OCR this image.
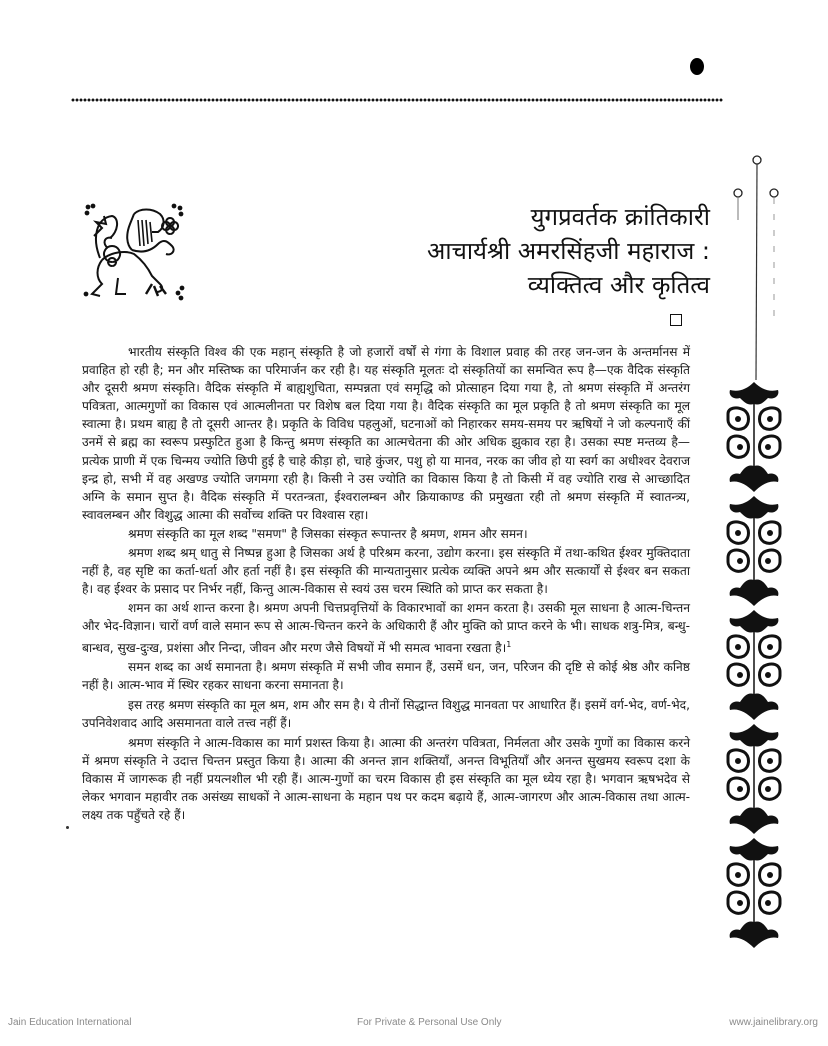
युगप्रवर्तक क्रांतिकारी
आचार्यश्री अमरसिंहजी महाराज :
व्यक्तित्व और कृतित्व

भारतीय संस्कृति विश्व की एक महान् संस्कृति है जो हजारों वर्षों से गंगा के विशाल प्रवाह की तरह जन-जन के अन्तर्मानस में प्रवाहित हो रही है; मन और मस्तिष्क का परिमार्जन कर रही है। यह संस्कृति मूलतः दो संस्कृतियों का समन्वित रूप है—एक वैदिक संस्कृति और दूसरी श्रमण संस्कृति। वैदिक संस्कृति में बाह्यशुचिता, सम्पन्नता एवं समृद्धि को प्रोत्साहन दिया गया है, तो श्रमण संस्कृति में अन्तरंग पवित्रता, आत्मगुणों का विकास एवं आत्मलीनता पर विशेष बल दिया गया है। वैदिक संस्कृति का मूल प्रकृति है तो श्रमण संस्कृति का मूल स्वात्मा है। प्रथम बाह्य है तो दूसरी आन्तर है। प्रकृति के विविध पहलुओं, घटनाओं को निहारकर समय-समय पर ऋषियों ने जो कल्पनाएँ कीं उनमें से ब्रह्म का स्वरूप प्रस्फुटित हुआ है किन्तु श्रमण संस्कृति का आत्मचेतना की ओर अधिक झुकाव रहा है। उसका स्पष्ट मन्तव्य है—प्रत्येक प्राणी में एक चिन्मय ज्योति छिपी हुई है चाहे कीड़ा हो, चाहे कुंजर, पशु हो या मानव, नरक का जीव हो या स्वर्ग का अधीश्वर देवराज इन्द्र हो, सभी में वह अखण्ड ज्योति जगमगा रही है। किसी ने उस ज्योति का विकास किया है तो किसी में वह ज्योति राख से आच्छादित अग्नि के समान सुप्त है। वैदिक संस्कृति में परतन्त्रता, ईश्वरालम्बन और क्रियाकाण्ड की प्रमुखता रही तो श्रमण संस्कृति में स्वातन्त्र्य, स्वावलम्बन और विशुद्ध आत्मा की सर्वोच्च शक्ति पर विश्वास रहा।

श्रमण संस्कृति का मूल शब्द "समण" है जिसका संस्कृत रूपान्तर है श्रमण, शमन और समन।

श्रमण शब्द श्रम् धातु से निष्पन्न हुआ है जिसका अर्थ है परिश्रम करना, उद्योग करना। इस संस्कृति में तथा-कथित ईश्वर मुक्तिदाता नहीं है, वह सृष्टि का कर्ता-धर्ता और हर्ता नहीं है। इस संस्कृति की मान्यतानुसार प्रत्येक व्यक्ति अपने श्रम और सत्कार्यों से ईश्वर बन सकता है। वह ईश्वर के प्रसाद पर निर्भर नहीं, किन्तु आत्म-विकास से स्वयं उस चरम स्थिति को प्राप्त कर सकता है।

शमन का अर्थ शान्त करना है। श्रमण अपनी चित्तप्रवृत्तियों के विकारभावों का शमन करता है। उसकी मूल साधना है आत्म-चिन्तन और भेद-विज्ञान। चारों वर्ण वाले समान रूप से आत्म-चिन्तन करने के अधिकारी हैं और मुक्ति को प्राप्त करने के भी। साधक शत्रु-मित्र, बन्धु-बान्धव, सुख-दुःख, प्रशंसा और निन्दा, जीवन और मरण जैसे विषयों में भी समत्व भावना रखता है।$^1$

समन शब्द का अर्थ समानता है। श्रमण संस्कृति में सभी जीव समान हैं, उसमें धन, जन, परिजन की दृष्टि से कोई श्रेष्ठ और कनिष्ठ नहीं है। आत्म-भाव में स्थिर रहकर साधना करना समानता है।

इस तरह श्रमण संस्कृति का मूल श्रम, शम और सम है। ये तीनों सिद्धान्त विशुद्ध मानवता पर आधारित हैं। इसमें वर्ग-भेद, वर्ण-भेद, उपनिवेशवाद आदि असमानता वाले तत्त्व नहीं हैं।

श्रमण संस्कृति ने आत्म-विकास का मार्ग प्रशस्त किया है। आत्मा की अन्तरंग पवित्रता, निर्मलता और उसके गुणों का विकास करने में श्रमण संस्कृति ने उदात्त चिन्तन प्रस्तुत किया है। आत्मा की अनन्त ज्ञान शक्तियाँ, अनन्त विभूतियाँ और अनन्त सुखमय स्वरूप दशा के विकास में जागरूक ही नहीं प्रयत्नशील भी रही हैं। आत्म-गुणों का चरम विकास ही इस संस्कृति का मूल ध्येय रहा है। भगवान ऋषभदेव से लेकर भगवान महावीर तक असंख्य साधकों ने आत्म-साधना के महान पथ पर कदम बढ़ाये हैं, आत्म-जागरण और आत्म-विकास तथा आत्म-लक्ष्य तक पहुँचते रहे हैं।

Jain Education International	For Private & Personal Use Only	www.jainelibrary.org
